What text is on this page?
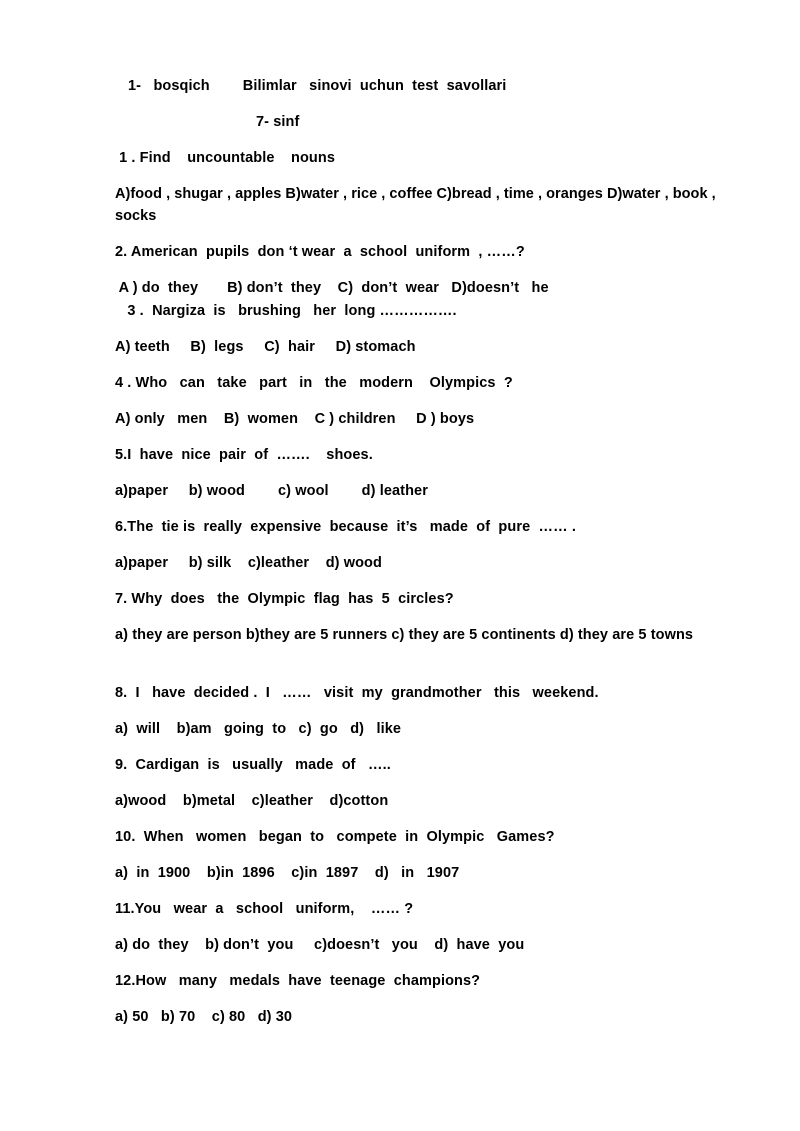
1-   bosqich        Bilimlar   sinovi  uchun  test  savollari
7- sinf
1 . Find    uncountable    nouns
A)food , shugar , apples B)water , rice , coffee C)bread , time , oranges D)water , book , socks
2. American  pupils  don ‘t wear  a  school  uniform  , ……?
A ) do  they       B) don’t  they    C)  don’t  wear   D)doesn’t   he
3 .  Nargiza  is   brushing   her  long …………….
A) teeth     B)  legs     C)  hair     D) stomach
4 . Who   can   take   part   in   the   modern    Olympics  ?
A) only   men    B)  women    C ) children     D ) boys
5.I  have  nice  pair  of  …….    shoes.
a)paper     b) wood        c) wool        d) leather
6.The  tie is  really  expensive  because  it’s   made  of  pure  …… .
a)paper     b) silk    c)leather    d) wood
7. Why  does   the  Olympic  flag  has  5  circles?
a) they are person b)they are 5 runners c) they are 5 continents d) they are 5 towns
8.  I   have  decided .  I   ……   visit  my  grandmother   this   weekend.
a)  will    b)am   going  to   c)  go   d)   like
9.  Cardigan  is   usually   made  of   …..
a)wood    b)metal    c)leather    d)cotton
10.  When   women   began  to   compete  in  Olympic   Games?
a)  in  1900    b)in  1896    c)in  1897    d)   in   1907
11.You   wear  a   school   uniform,    …… ?
a) do  they    b) don’t  you     c)doesn’t   you    d)  have  you
12.How   many   medals  have  teenage  champions?
a) 50   b) 70    c) 80   d) 30
